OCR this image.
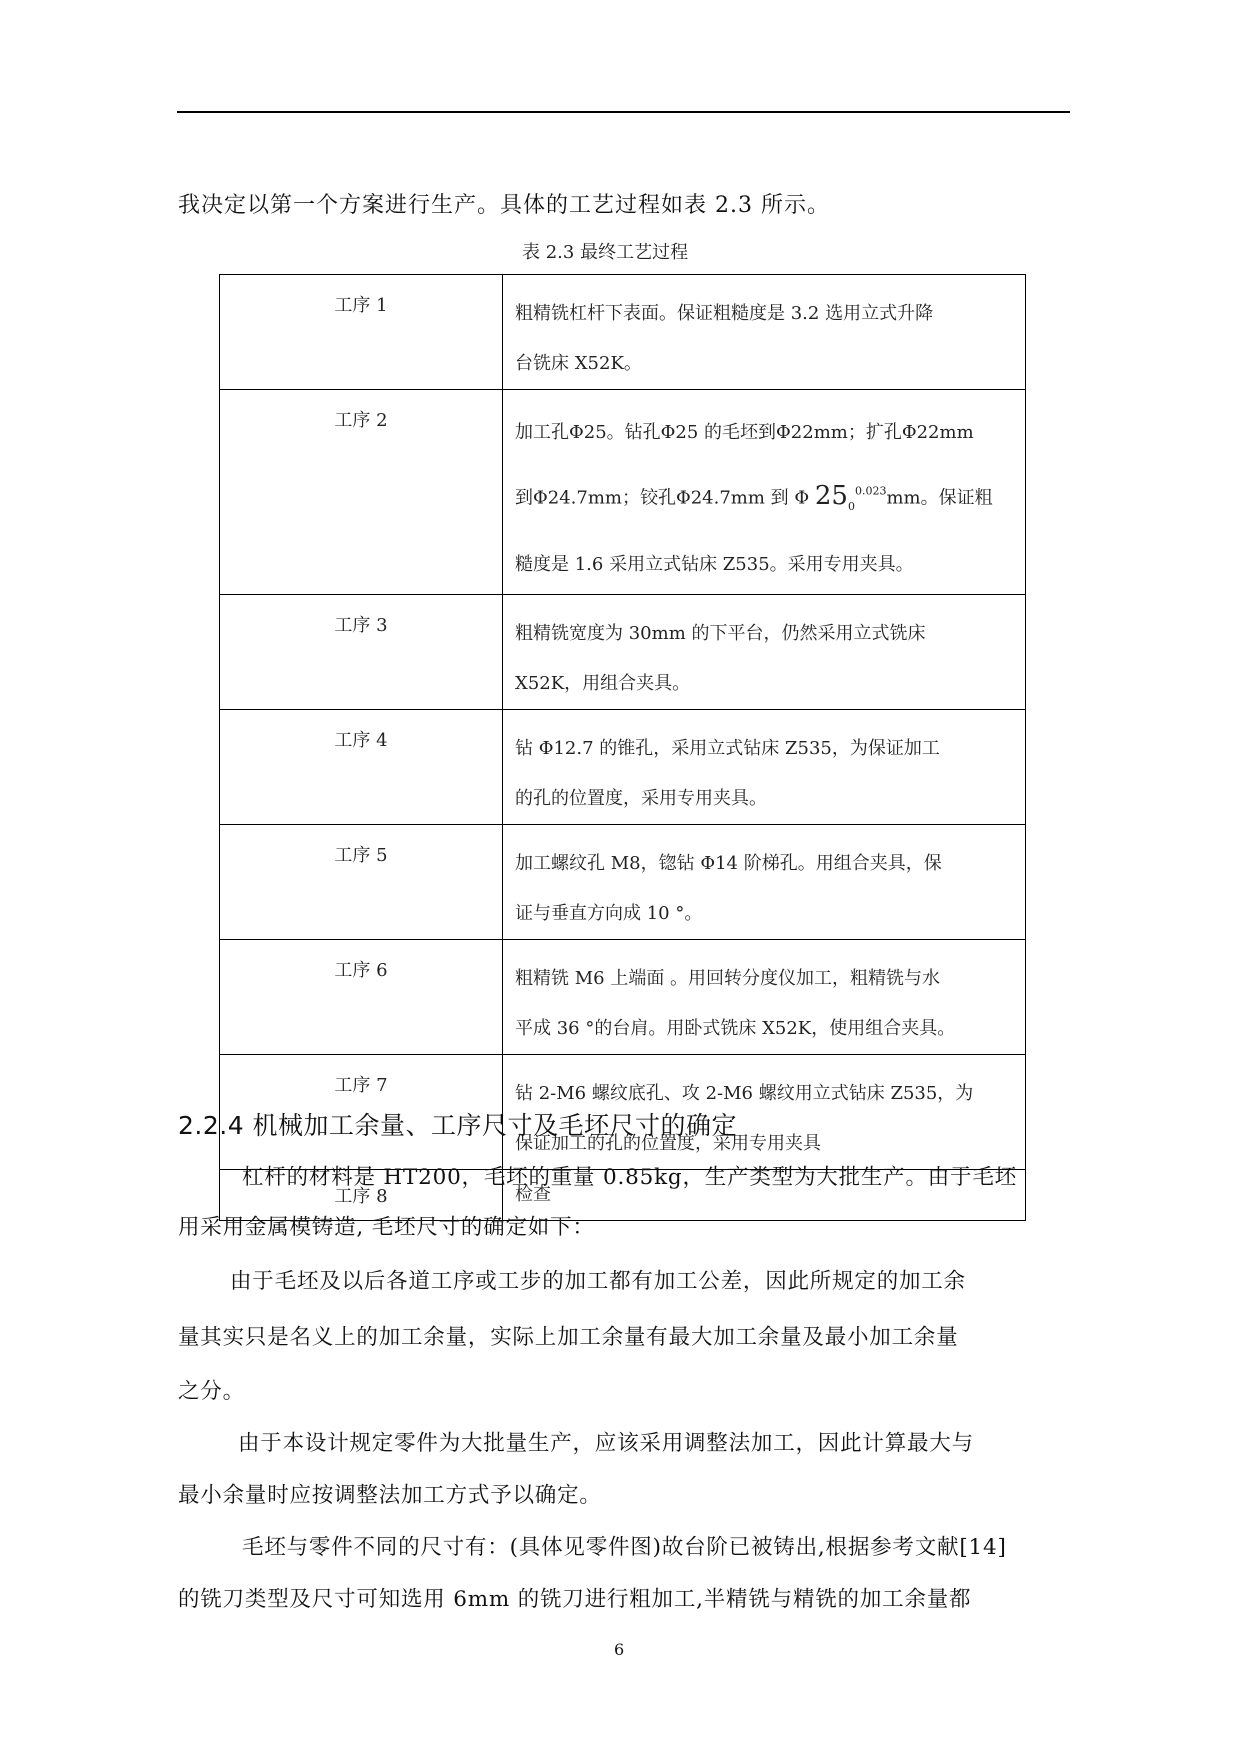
我决定以第一个方案进行生产。具体的工艺过程如表 2.3 所示。
表 2.3 最终工艺过程
工序 1	粗精铣杠杆下表面。保证粗糙度是 3.2 选用立式升降
台铣床 X52K。

工序 2	加工孔Φ25。钻孔Φ25 的毛坯到Φ22mm；扩孔Φ22mm
到Φ24.7mm；铰孔Φ24.7mm 到 Φ $25_0^{0.023}mm$。保证粗
糙度是 1.6 采用立式钻床 Z535。采用专用夹具。

工序 3	粗精铣宽度为 30mm 的下平台，仍然采用立式铣床
X52K，用组合夹具。

工序 4	钻 Φ12.7 的锥孔，采用立式钻床 Z535，为保证加工
的孔的位置度，采用专用夹具。

工序 5	加工螺纹孔 M8，锪钻 Φ14 阶梯孔。用组合夹具，保
证与垂直方向成 10 °。

工序 6	粗精铣 M6 上端面 。用回转分度仪加工，粗精铣与水
平成 36 °的台肩。用卧式铣床 X52K，使用组合夹具。

工序 7	钻 2-M6 螺纹底孔、攻 2-M6 螺纹用立式钻床 Z535，为
保证加工的孔的位置度，采用专用夹具

工序 8	检查
2.2.4 机械加工余量、工序尺寸及毛坯尺寸的确定
杠杆的材料是 HT200，毛坯的重量 0.85kg，生产类型为大批生产。由于毛坯
用采用金属模铸造, 毛坯尺寸的确定如下：
由于毛坯及以后各道工序或工步的加工都有加工公差，因此所规定的加工余
量其实只是名义上的加工余量，实际上加工余量有最大加工余量及最小加工余量
之分。
由于本设计规定零件为大批量生产，应该采用调整法加工，因此计算最大与
最小余量时应按调整法加工方式予以确定。
毛坯与零件不同的尺寸有：(具体见零件图)故台阶已被铸出,根据参考文献[14]
的铣刀类型及尺寸可知选用 6mm 的铣刀进行粗加工,半精铣与精铣的加工余量都
6
